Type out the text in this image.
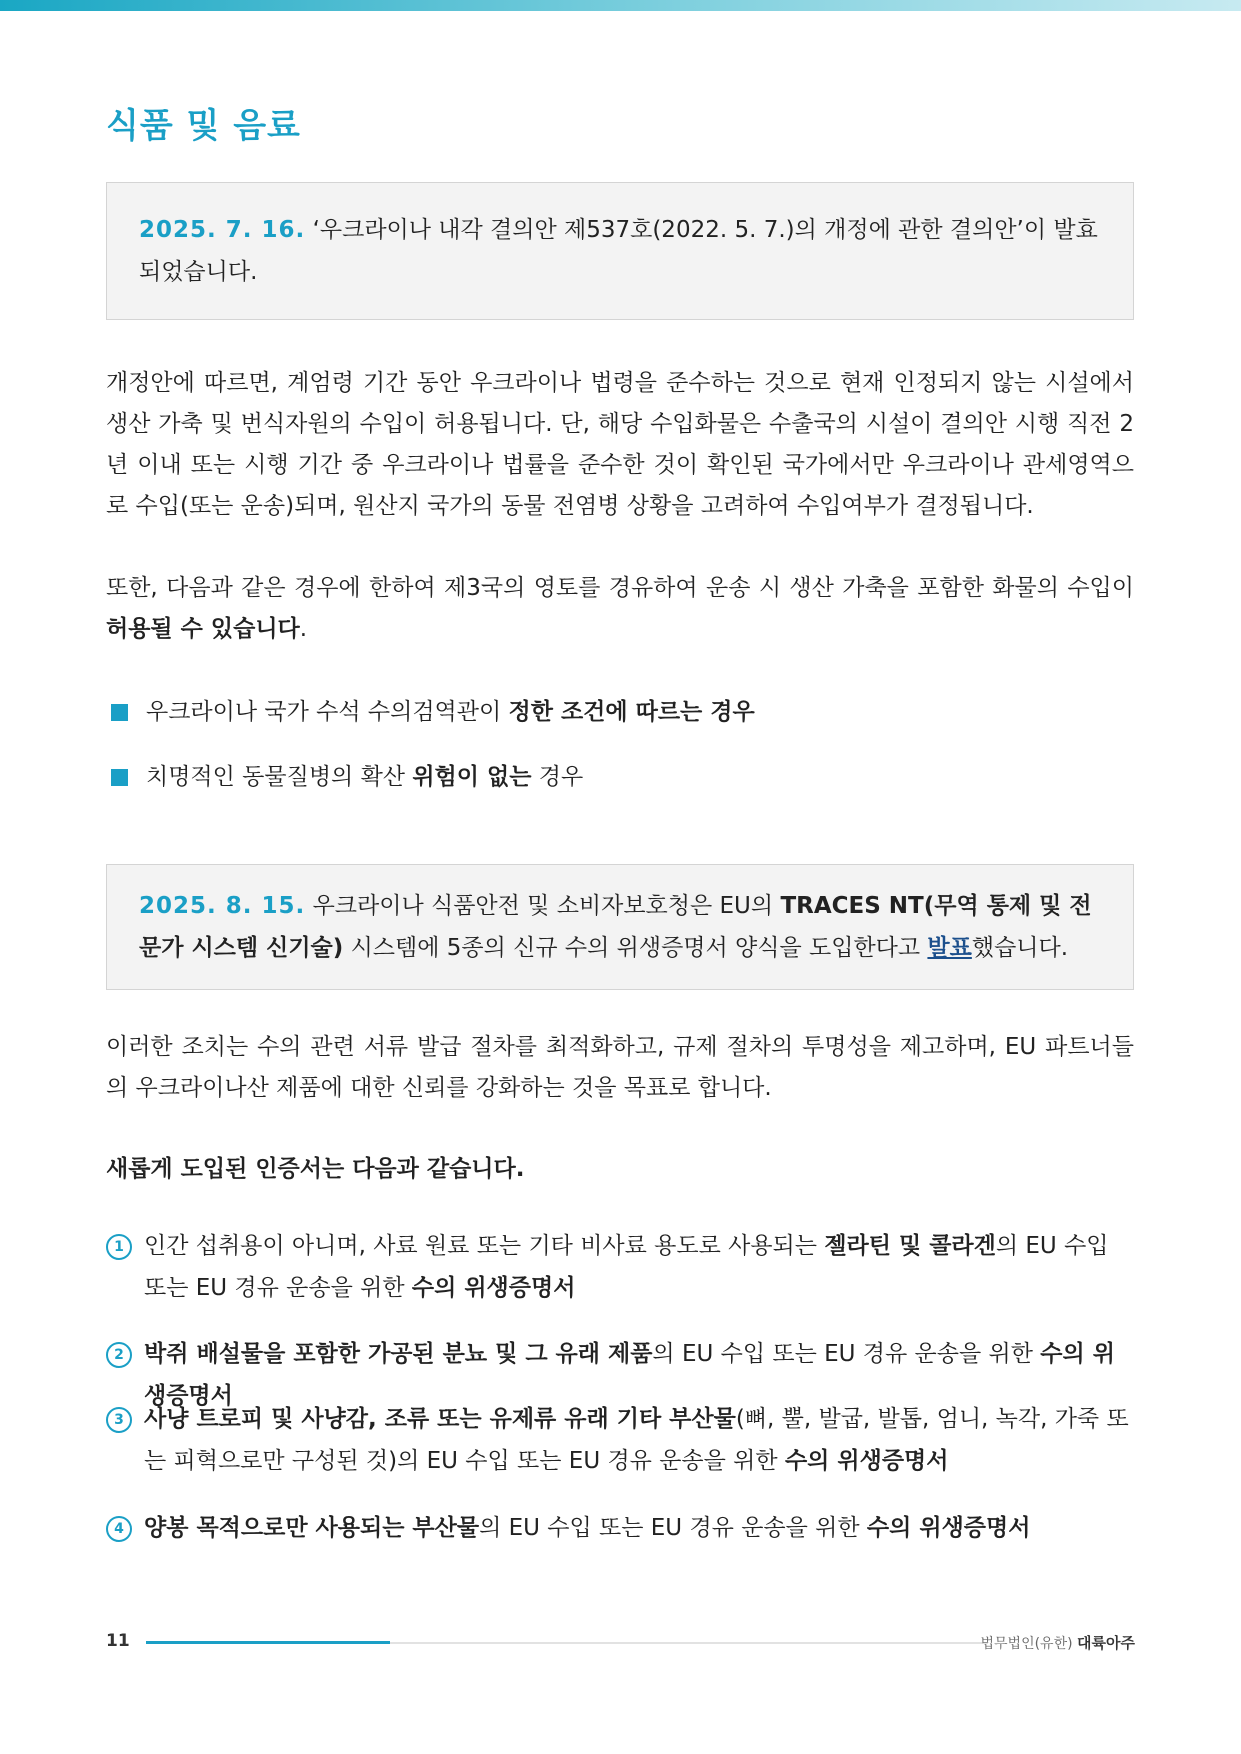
식품 및 음료
2025. 7. 16. ‘우크라이나 내각 결의안 제537호(2022. 5. 7.)의 개정에 관한 결의안’이 발효되었습니다.

개정안에 따르면, 계엄령 기간 동안 우크라이나 법령을 준수하는 것으로 현재 인정되지 않는 시설에서 생산 가축 및 번식자원의 수입이 허용됩니다. 단, 해당 수입화물은 수출국의 시설이 결의안 시행 직전 2년 이내 또는 시행 기간 중 우크라이나 법률을 준수한 것이 확인된 국가에서만 우크라이나 관세영역으로 수입(또는 운송)되며, 원산지 국가의 동물 전염병 상황을 고려하여 수입여부가 결정됩니다.

또한, 다음과 같은 경우에 한하여 제3국의 영토를 경유하여 운송 시 생산 가축을 포함한 화물의 수입이 허용될 수 있습니다.

우크라이나 국가 수석 수의검역관이 정한 조건에 따르는 경우
치명적인 동물질병의 확산 위험이 없는 경우
2025. 8. 15. 우크라이나 식품안전 및 소비자보호청은 EU의 TRACES NT(무역 통제 및 전문가 시스템 신기술) 시스템에 5종의 신규 수의 위생증명서 양식을 도입한다고 발표했습니다.

이러한 조치는 수의 관련 서류 발급 절차를 최적화하고, 규제 절차의 투명성을 제고하며, EU 파트너들의 우크라이나산 제품에 대한 신뢰를 강화하는 것을 목표로 합니다.

새롭게 도입된 인증서는 다음과 같습니다.

1 인간 섭취용이 아니며, 사료 원료 또는 기타 비사료 용도로 사용되는 젤라틴 및 콜라겐의 EU 수입 또는 EU 경유 운송을 위한 수의 위생증명서
2 박쥐 배설물을 포함한 가공된 분뇨 및 그 유래 제품의 EU 수입 또는 EU 경유 운송을 위한 수의 위생증명서
3 사냥 트로피 및 사냥감, 조류 또는 유제류 유래 기타 부산물(뼈, 뿔, 발굽, 발톱, 엄니, 녹각, 가죽 또는 피혁으로만 구성된 것)의 EU 수입 또는 EU 경유 운송을 위한 수의 위생증명서
4 양봉 목적으로만 사용되는 부산물의 EU 수입 또는 EU 경유 운송을 위한 수의 위생증명서
11	법무법인(유한) 대륙아주
